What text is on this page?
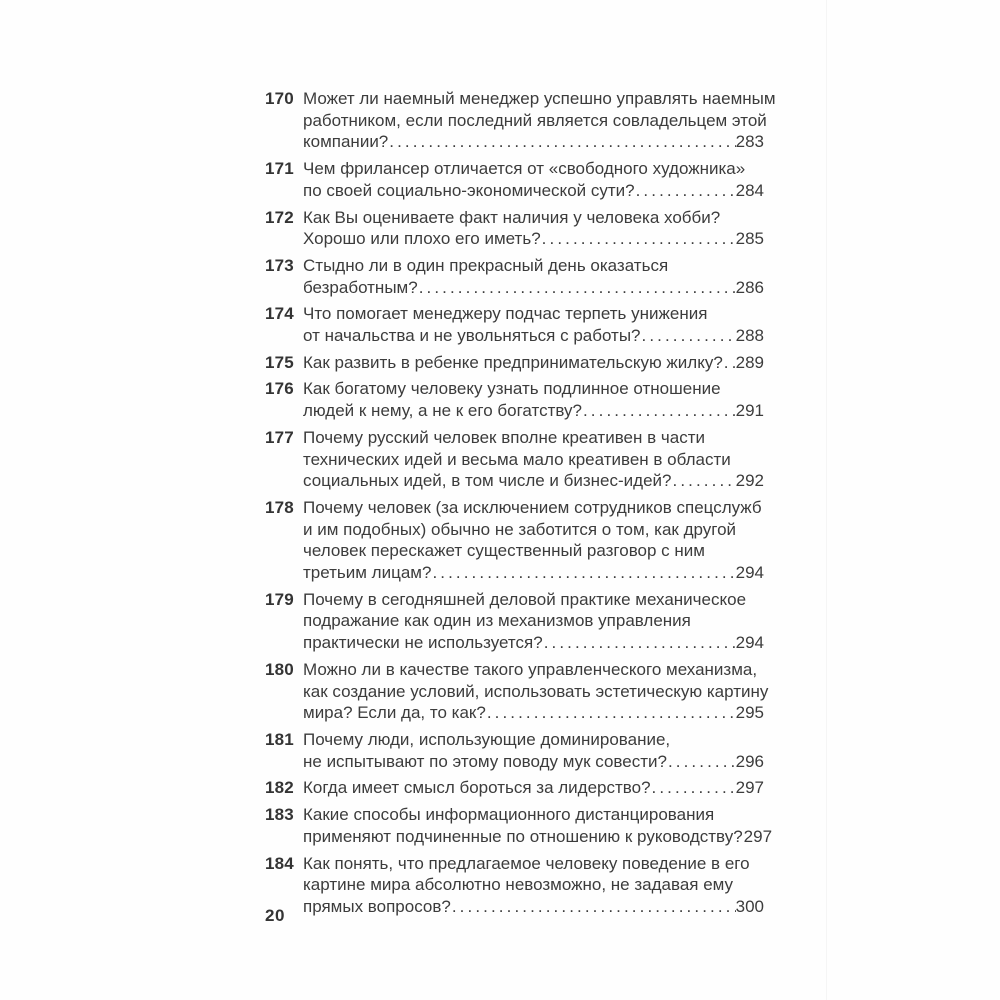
170 Может ли наемный менеджер успешно управлять наемным
работником, если последний является совладельцем этой
компании? .....	283
171 Чем фрилансер отличается от «свободного художника»
по своей социально-экономической сути? .....	284
172 Как Вы оцениваете факт наличия у человека хобби?
Хорошо или плохо его иметь? .....	285
173 Стыдно ли в один прекрасный день оказаться
безработным? .....	286
174 Что помогает менеджеру подчас терпеть унижения
от начальства и не увольняться с работы? .....	288
175 Как развить в ребенке предпринимательскую жилку? ..... 289
176 Как богатому человеку узнать подлинное отношение
людей к нему, а не к его богатству? .....	291
177 Почему русский человек вполне креативен в части
технических идей и весьма мало креативен в области
социальных идей, в том числе и бизнес-идей? .....	292
178 Почему человек (за исключением сотрудников спецслужб
и им подобных) обычно не заботится о том, как другой
человек перескажет существенный разговор с ним
третьим лицам? .....	294
179 Почему в сегодняшней деловой практике механическое
подражание как один из механизмов управления
практически не используется? .....	294
180 Можно ли в качестве такого управленческого механизма,
как создание условий, использовать эстетическую картину
мира? Если да, то как? .....	295
181 Почему люди, использующие доминирование,
не испытывают по этому поводу мук совести? .....	296
182 Когда имеет смысл бороться за лидерство? .....	297
183 Какие способы информационного дистанцирования
применяют подчиненные по отношению к руководству? ..... 297
184 Как понять, что предлагаемое человеку поведение в его
картине мира абсолютно невозможно, не задавая ему
прямых вопросов? .....	300
20
